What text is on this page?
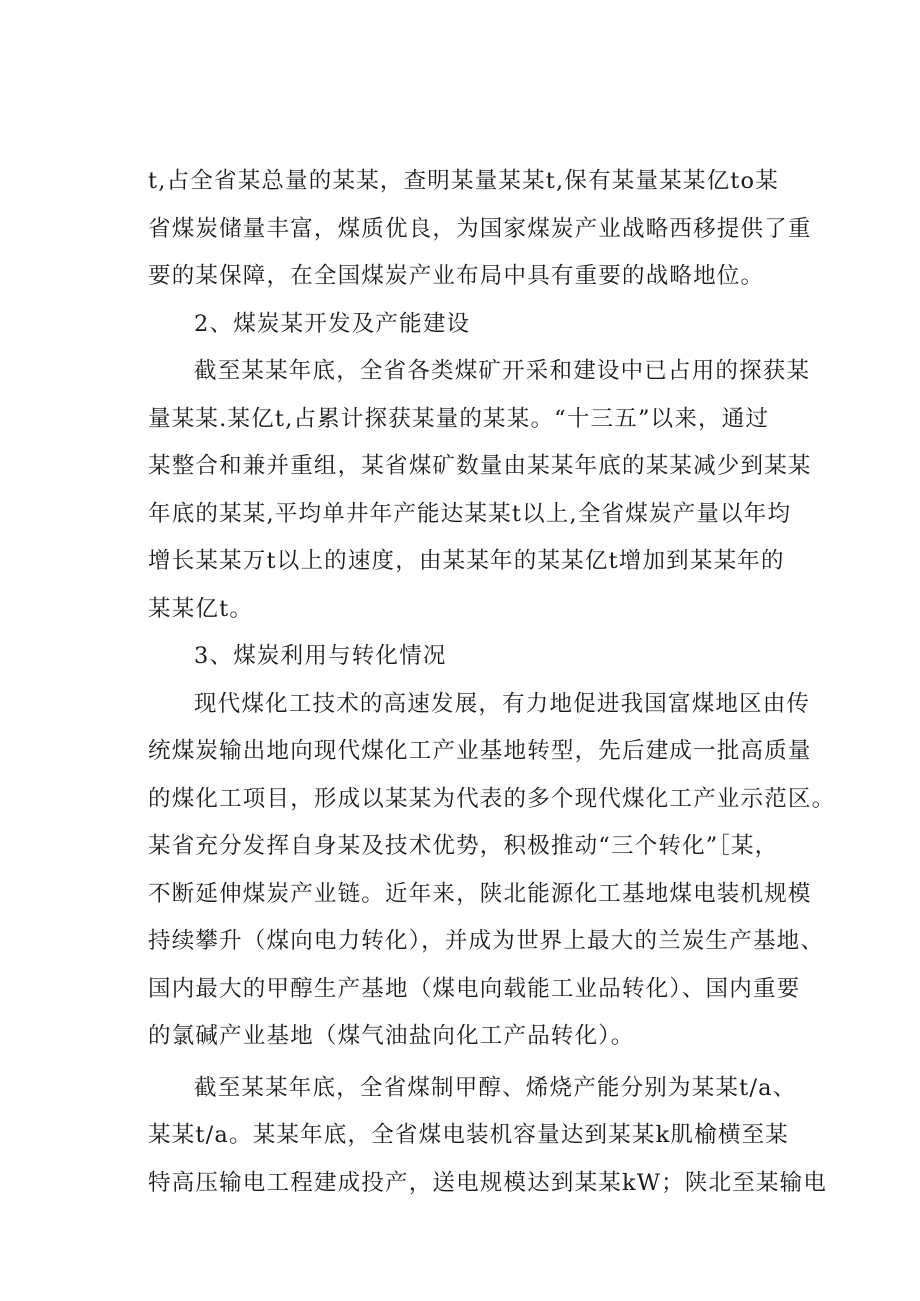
t,占全省某总量的某某，查明某量某某t,保有某量某某亿to某
省煤炭储量丰富，煤质优良，为国家煤炭产业战略西移提供了重
要的某保障，在全国煤炭产业布局中具有重要的战略地位。
2、煤炭某开发及产能建设
截至某某年底，全省各类煤矿开采和建设中已占用的探获某
量某某.某亿t,占累计探获某量的某某。“十三五”以来，通过
某整合和兼并重组，某省煤矿数量由某某年底的某某减少到某某
年底的某某,平均单井年产能达某某t以上,全省煤炭产量以年均
增长某某万t以上的速度，由某某年的某某亿t增加到某某年的
某某亿t。
3、煤炭利用与转化情况
现代煤化工技术的高速发展，有力地促进我国富煤地区由传
统煤炭输出地向现代煤化工产业基地转型，先后建成一批高质量
的煤化工项目，形成以某某为代表的多个现代煤化工产业示范区。
某省充分发挥自身某及技术优势，积极推动“三个转化”［某，
不断延伸煤炭产业链。近年来，陕北能源化工基地煤电装机规模
持续攀升（煤向电力转化），并成为世界上最大的兰炭生产基地、
国内最大的甲醇生产基地（煤电向载能工业品转化）、国内重要
的氯碱产业基地（煤气油盐向化工产品转化）。
截至某某年底，全省煤制甲醇、烯烧产能分别为某某t/a、
某某t/a。某某年底，全省煤电装机容量达到某某k肌榆横至某
特高压输电工程建成投产，送电规模达到某某kW；陕北至某输电
